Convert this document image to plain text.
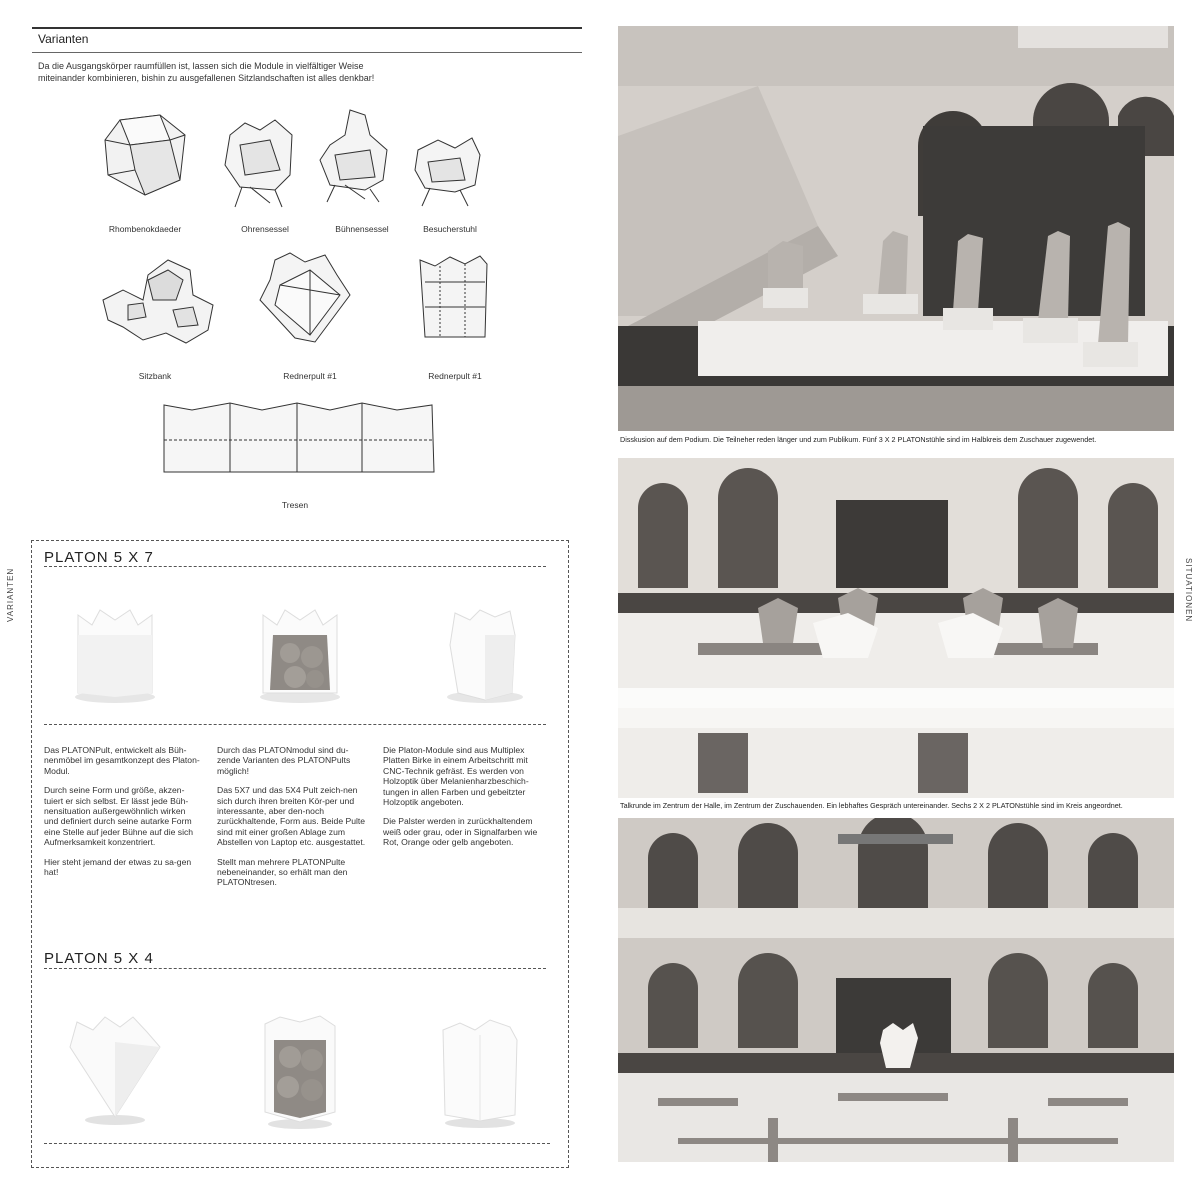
Varianten
Da die Ausgangskörper raumfüllen ist, lassen sich die Module in vielfältiger Weise
miteinander kombinieren, bishin zu ausgefallenen Sitzlandschaften ist alles denkbar!
Rhombenokdaeder	Ohrensessel	Bühnensessel	Besucherstuhl
Sitzbank	Rednerpult #1	Rednerpult #1
Tresen
VARIANTEN	SITUATIONEN
PLATON 5 X 7

Das PLATONPult, entwickelt als Büh-nenmöbel im gesamtkonzept des Platon-Modul.

Durch seine Form und größe, akzen-tuiert er sich selbst. Er lässt jede Büh-nensituation außergewöhnlich wirken und definiert durch seine autarke Form eine Stelle auf jeder Bühne auf die sich Aufmerksamkeit konzentriert.

Hier steht jemand der etwas zu sa-gen hat!

Durch das PLATONmodul sind du-zende Varianten des PLATONPults möglich!

Das 5X7 und das 5X4 Pult zeich-nen sich durch ihren breiten Kör-per und interessante, aber den-noch zurückhaltende, Form aus. Beide Pulte sind mit einer großen Ablage zum Abstellen von Laptop etc. ausgestattet.

Stellt man mehrere PLATONPulte nebeneinander, so erhält man den PLATONtresen.

Die Platon-Module sind aus Multiplex Platten Birke in einem Arbeitschritt mit CNC-Technik gefräst. Es werden von Holzoptik über Melanienharzbeschich-tungen in allen Farben und gebeitzter Holzoptik angeboten.

Die Palster werden in zurückhaltendem weiß oder grau, oder in Signalfarben wie Rot, Orange oder gelb angeboten.

PLATON 5 X 4
Disskusion auf dem Podium. Die Teilneher reden länger und zum Publikum. Fünf 3 X 2 PLATONstühle sind im Halbkreis dem Zuschauer zugewendet.
Talkrunde im Zentrum der Halle, im Zentrum der Zuschauenden. Ein lebhaftes Gespräch untereinander. Sechs 2 X 2 PLATONstühle sind im Kreis angeordnet.
